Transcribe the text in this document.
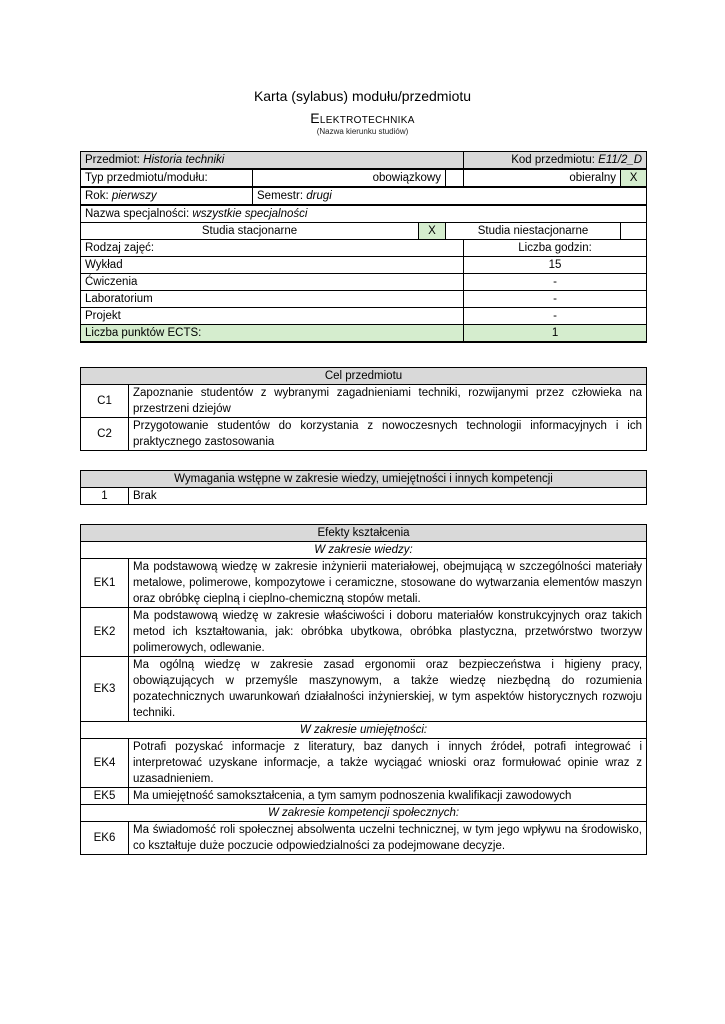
Karta (sylabus) modułu/przedmiotu
Elektrotechnika
(Nazwa kierunku studiów)
Przedmiot: Historia techniki				Kod przedmiotu: E11/2_D	
Typ przedmiotu/modułu:	obowiązkowy			obieralny	X
Rok: pierwszy	Semestr: drugi				
Nazwa specjalności: wszystkie specjalności					
Studia stacjonarne		X	Studia niestacjonarne		
Rodzaj zajęć:				Liczba godzin:	
Wykład				15	
Ćwiczenia				-	
Laboratorium				-	
Projekt				-	
Liczba punktów ECTS:				1	
Cel przedmiotu	
C1	Zapoznanie studentów z wybranymi zagadnieniami techniki, rozwijanymi przez człowieka na przestrzeni dziejów
C2	Przygotowanie studentów do korzystania z nowoczesnych technologii informacyjnych i ich praktycznego zastosowania
Wymagania wstępne w zakresie wiedzy, umiejętności i innych kompetencji
1	Brak
Efekty kształcenia	
W zakresie wiedzy:	
EK1	Ma podstawową wiedzę w zakresie inżynierii materiałowej, obejmującą w szczególności materiały metalowe, polimerowe, kompozytowe i ceramiczne, stosowane do wytwarzania elementów maszyn oraz obróbkę cieplną i cieplno-chemiczną stopów metali.
EK2	Ma podstawową wiedzę w zakresie właściwości i doboru materiałów konstrukcyjnych oraz takich metod ich kształtowania, jak: obróbka ubytkowa, obróbka plastyczna, przetwórstwo tworzyw polimerowych, odlewanie.
EK3	Ma ogólną wiedzę w zakresie zasad ergonomii oraz bezpieczeństwa i higieny pracy, obowiązujących w przemyśle maszynowym, a także wiedzę niezbędną do rozumienia pozatechnicznych uwarunkowań działalności inżynierskiej, w tym aspektów historycznych rozwoju techniki.
W zakresie umiejętności:	
EK4	Potrafi pozyskać informacje z literatury, baz danych i innych źródeł, potrafi integrować i interpretować uzyskane informacje, a także wyciągać wnioski oraz formułować opinie wraz z uzasadnieniem.
EK5	Ma umiejętność samokształcenia, a tym samym podnoszenia kwalifikacji zawodowych
W zakresie kompetencji społecznych:	
EK6	Ma świadomość roli społecznej absolwenta uczelni technicznej, w tym jego wpływu na środowisko, co kształtuje duże poczucie odpowiedzialności za podejmowane decyzje.
